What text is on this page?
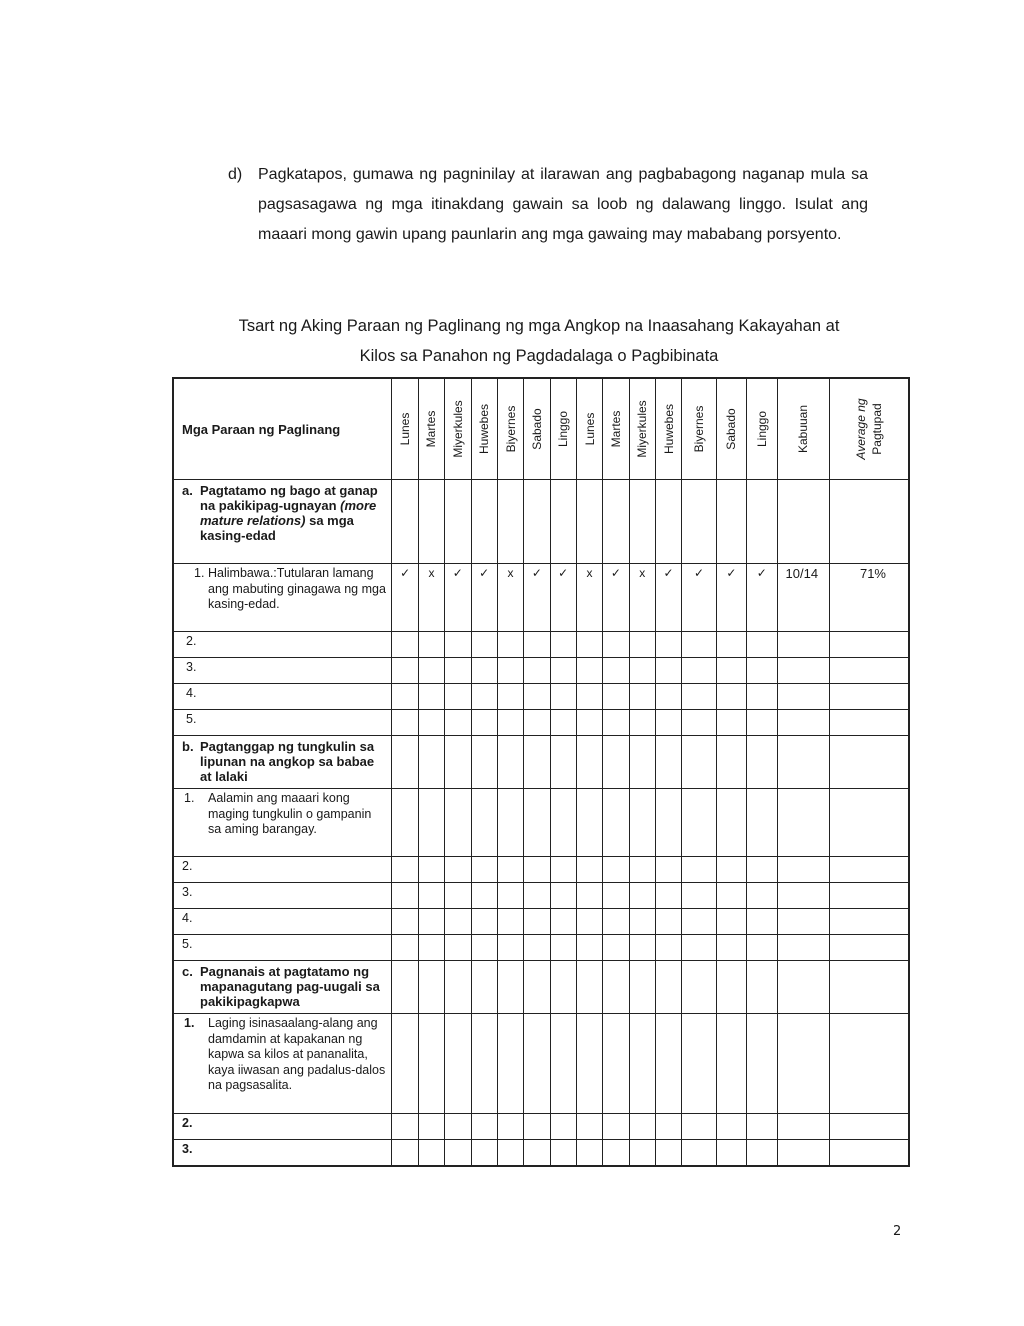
d) Pagkatapos, gumawa ng pagninilay at ilarawan ang pagbabagong naganap mula sa pagsasagawa ng mga itinakdang gawain sa loob ng dalawang linggo. Isulat ang maaari mong gawin upang paunlarin ang mga gawaing may mababang porsyento.
Tsart ng Aking Paraan ng Paglinang ng mga Angkop na Inaasahang Kakayahan at
Kilos sa Panahon ng Pagdadalaga o Pagbibinata
Mga Paraan ng Paglinang	Lunes	Martes	Miyerkules	Huwebes	Biyernes	Sabado	Linggo	Lunes	Martes	Miyerkules	Huwebes	Biyernes	Sabado	Linggo	Kabuuan	Average ng Pagtupad

a. Pagtatamo ng bago at ganap na pakikipag-ugnayan (more mature relations) sa mga kasing-edad																

1. Halimbawa.:Tutularan lamang ang mabuting ginagawa ng mga kasing-edad.	✓	x	✓	✓	x	✓	✓	x	✓	x	✓	✓	✓	✓	10/14	71%
2.																
3.																
4.																
5.																

b. Pagtanggap ng tungkulin sa lipunan na angkop sa babae at lalaki																

1. Aalamin ang maaari kong maging tungkulin o gampanin sa aming barangay.																

2.																
3.																
4.																
5.																

c. Pagnanais at pagtatamo ng mapanagutang pag-uugali sa pakikipagkapwa																

1. Laging isinasaalang-alang ang damdamin at kapakanan ng kapwa sa kilos at pananalita, kaya iiwasan ang padalus-dalos na pagsasalita.																

2.																
3.																
2
